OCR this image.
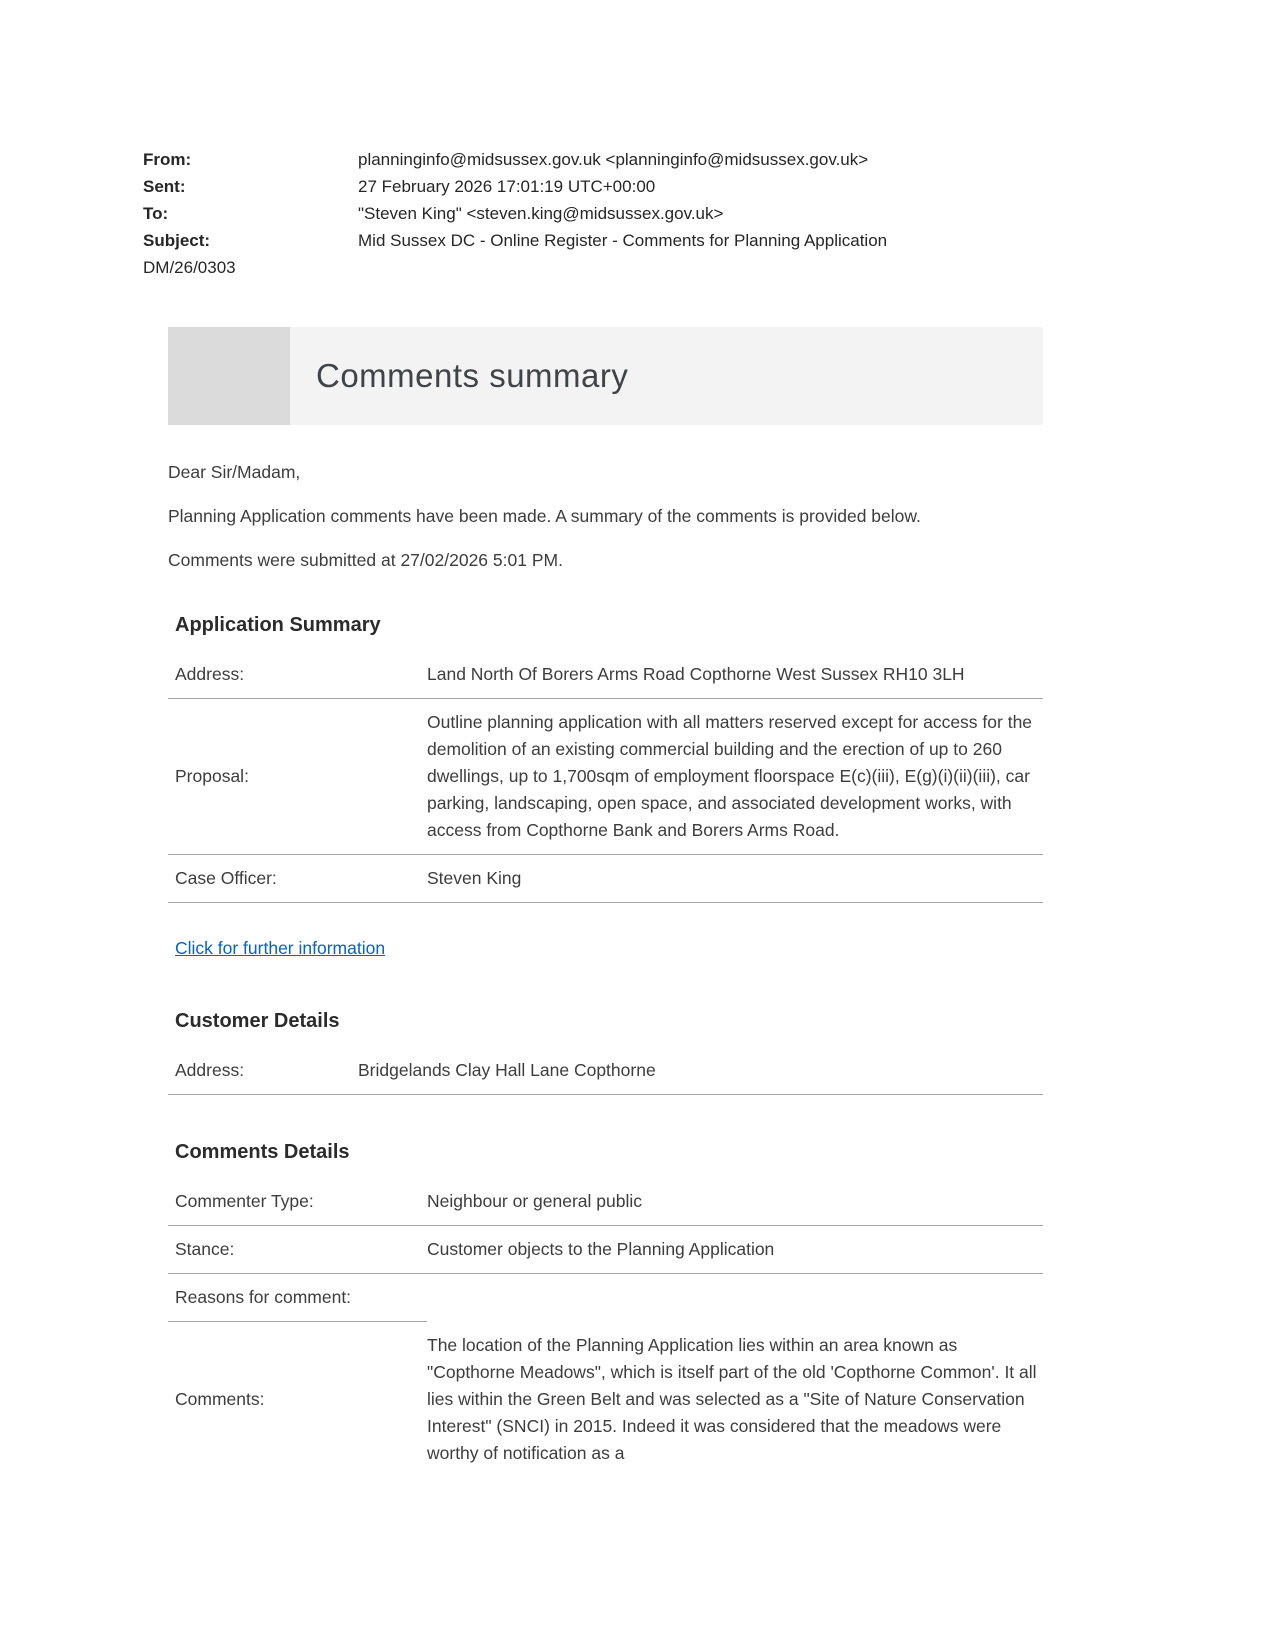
From:	planninginfo@midsussex.gov.uk <planninginfo@midsussex.gov.uk>
Sent:	27 February 2026 17:01:19 UTC+00:00
To:	"Steven King" <steven.king@midsussex.gov.uk>
Subject:	Mid Sussex DC - Online Register - Comments for Planning Application
DM/26/0303
Comments summary

Dear Sir/Madam,

Planning Application comments have been made. A summary of the comments is provided below.

Comments were submitted at 27/02/2026 5:01 PM.

Application Summary
Address:	Land North Of Borers Arms Road Copthorne West Sussex RH10 3LH
Proposal:	Outline planning application with all matters reserved except for access for the demolition of an existing commercial building and the erection of up to 260 dwellings, up to 1,700sqm of employment floorspace E(c)(iii), E(g)(i)(ii)(iii), car parking, landscaping, open space, and associated development works, with access from Copthorne Bank and Borers Arms Road.
Case Officer:	Steven King
Click for further information
Customer Details
Address:	Bridgelands Clay Hall Lane Copthorne
Comments Details
Commenter Type:	Neighbour or general public
Stance:	Customer objects to the Planning Application
Reasons for comment:	
Comments:	The location of the Planning Application lies within an area known as "Copthorne Meadows", which is itself part of the old 'Copthorne Common'. It all lies within the Green Belt and was selected as a "Site of Nature Conservation Interest" (SNCI) in 2015. Indeed it was considered that the meadows were worthy of notification as a
